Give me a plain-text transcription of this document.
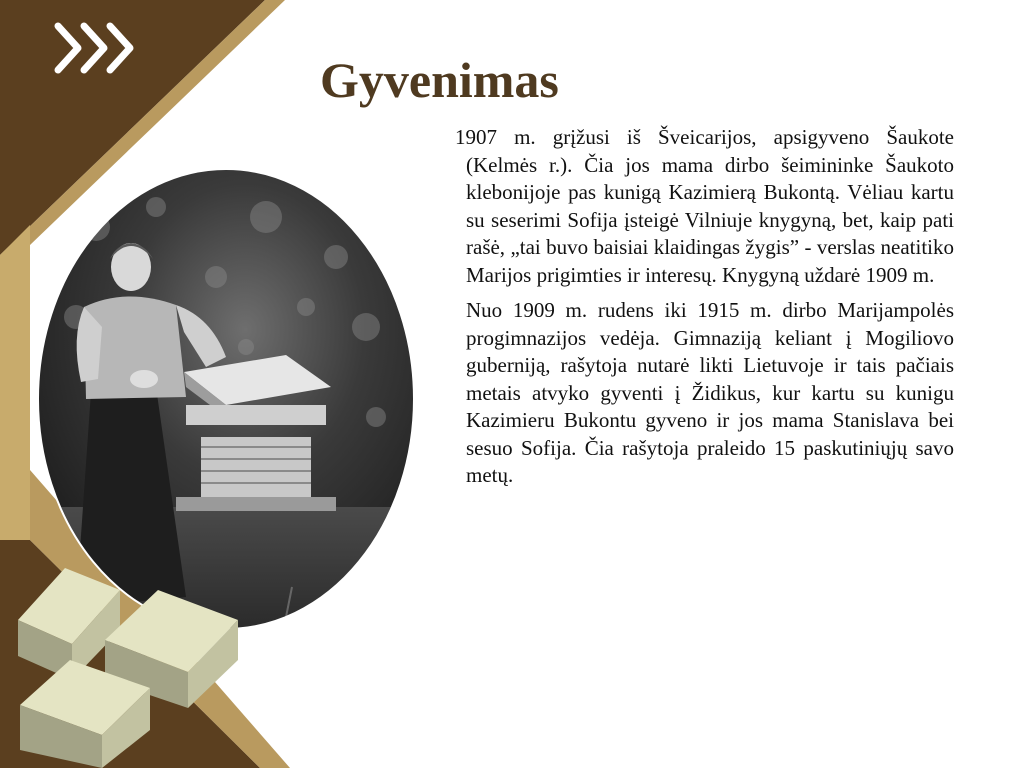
Gyvenimas

1907 m. grįžusi iš Šveicarijos, apsigyveno Šaukote (Kelmės r.). Čia jos mama dirbo šeimininke Šaukoto klebonijoje pas kunigą Kazimierą Bukontą. Vėliau kartu su seserimi Sofija įsteigė Vilniuje knygyną, bet, kaip pati rašė, „tai buvo baisiai klaidingas žygis” - verslas neatitiko Marijos prigimties ir interesų. Knygyną uždarė 1909 m.

Nuo 1909 m. rudens iki 1915 m. dirbo Marijampolės progimnazijos vedėja. Gimnaziją keliant į Mogiliovo guberniją, rašytoja nutarė likti Lietuvoje ir tais pačiais metais atvyko gyventi į Židikus, kur kartu su kunigu Kazimieru Bukontu gyveno ir jos mama Stanislava bei sesuo Sofija. Čia rašytoja praleido 15 paskutiniųjų savo metų.
